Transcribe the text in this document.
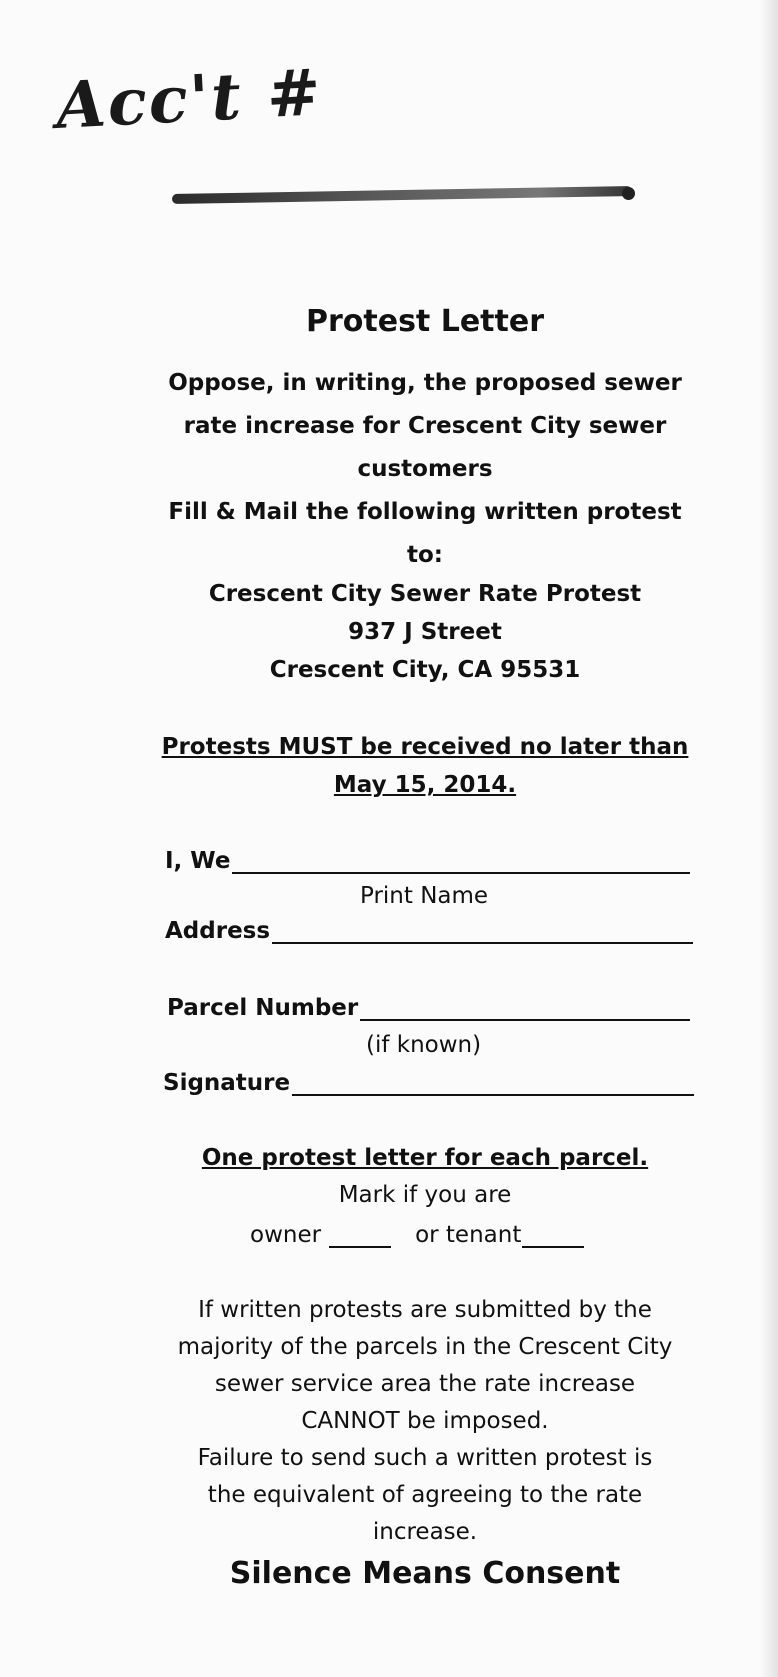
Acc't #
Protest Letter
Oppose, in writing, the proposed sewer
rate increase for Crescent City sewer
customers
Fill & Mail the following written protest
to:
Crescent City Sewer Rate Protest
937 J Street
Crescent City, CA 95531
Protests MUST be received no later than
May 15, 2014.
I, We
Print Name
Address
Parcel Number
(if known)
Signature
One protest letter for each parcel.
Mark if you are
owner	or tenant
If written protests are submitted by the
majority of the parcels in the Crescent City
sewer service area the rate increase
CANNOT be imposed.
Failure to send such a written protest is
the equivalent of agreeing to the rate
increase.
Silence Means Consent
